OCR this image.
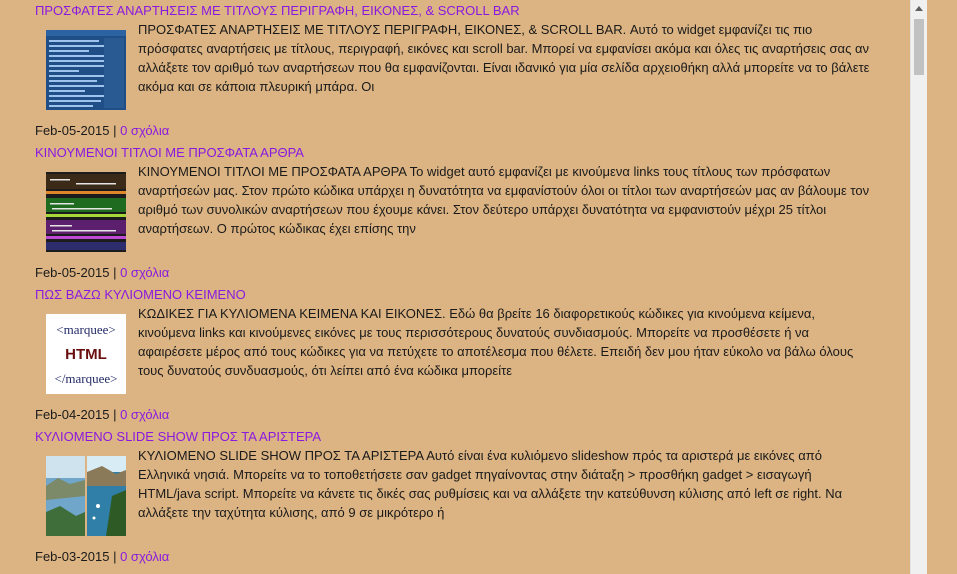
ΠΡΟΣΦΑΤΕΣ ΑΝΑΡΤΗΣΕΙΣ ΜΕ ΤΙΤΛΟΥΣ ΠΕΡΙΓΡΑΦΗ, ΕΙΚΟΝΕΣ, & SCROLL BAR

ΠΡΟΣΦΑΤΕΣ ΑΝΑΡΤΗΣΕΙΣ ΜΕ ΤΙΤΛΟΥΣ ΠΕΡΙΓΡΑΦΗ, ΕΙΚΟΝΕΣ, & SCROLL BAR. Αυτό το widget εμφανίζει τις πιο πρόσφατες αναρτήσεις με τίτλους, περιγραφή, εικόνες και scroll bar. Μπορεί να εμφανίσει ακόμα και όλες τις αναρτήσεις σας αν αλλάξετε τον αριθμό των αναρτήσεων που θα εμφανίζονται. Είναι ιδανικό για μία σελίδα αρχειοθήκη αλλά μπορείτε να το βάλετε ακόμα και σε κάποια πλευρική μπάρα. Οι

Feb-05-2015 | 0 σχόλια
ΚΙΝΟΥΜΕΝΟΙ ΤΙΤΛΟΙ ΜΕ ΠΡΟΣΦΑΤΑ ΑΡΘΡΑ

ΚΙΝΟΥΜΕΝΟΙ ΤΙΤΛΟΙ ΜΕ ΠΡΟΣΦΑΤΑ ΑΡΘΡΑ Το widget αυτό εμφανίζει με κινούμενα links τους τίτλους των πρόσφατων αναρτήσεών μας. Στον πρώτο κώδικα υπάρχει η δυνατότητα να εμφανίστούν όλοι οι τίτλοι των αναρτήσεών μας αν βάλουμε τον αριθμό των συνολικών αναρτήσεων που έχουμε κάνει. Στον δεύτερο υπάρχει δυνατότητα να εμφανιστούν μέχρι 25 τίτλοι αναρτήσεων. Ο πρώτος κώδικας έχει επίσης την

Feb-05-2015 | 0 σχόλια
ΠΩΣ ΒΑΖΩ ΚΥΛΙΟΜΕΝΟ ΚΕΙΜΕΝΟ
<marquee>
HTML
</marquee>

ΚΩΔΙΚΕΣ ΓΙΑ ΚΥΛΙΟΜΕΝΑ ΚΕΙΜΕΝΑ ΚΑΙ ΕΙΚΟΝΕΣ. Εδώ θα βρείτε 16 διαφορετικούς κώδικες για κινούμενα κείμενα, κινούμενα links και κινούμενες εικόνες με τους περισσότερους δυνατούς συνδιασμούς. Μπορείτε να προσθέσετε ή να αφαιρέσετε μέρος από τους κώδικες για να πετύχετε το αποτέλεσμα που θέλετε. Επειδή δεν μου ήταν εύκολο να βάλω όλους τους δυνατούς συνδυασμούς, ότι λείπει από ένα κώδικα μπορείτε

Feb-04-2015 | 0 σχόλια
ΚΥΛΙΟΜΕΝΟ SLIDE SHOW ΠΡΟΣ ΤΑ ΑΡΙΣΤΕΡΑ

ΚΥΛΙΟΜΕΝΟ SLIDE SHOW ΠΡΟΣ ΤΑ ΑΡΙΣΤΕΡΑ Αυτό είναι ένα κυλιόμενο slideshow πρός τα αριστερά με εικόνες από Ελληνικά νησιά. Μπορείτε να το τοποθετήσετε σαν gadget πηγαίνοντας στην διάταξη > προσθήκη gadget > εισαγωγή HTML/java script. Μπορείτε να κάνετε τις δικές σας ρυθμίσεις και να αλλάξετε την κατεύθυνση κύλισης από left σε right. Να αλλάξετε την ταχύτητα κύλισης, από 9 σε μικρότερο ή

Feb-03-2015 | 0 σχόλια
